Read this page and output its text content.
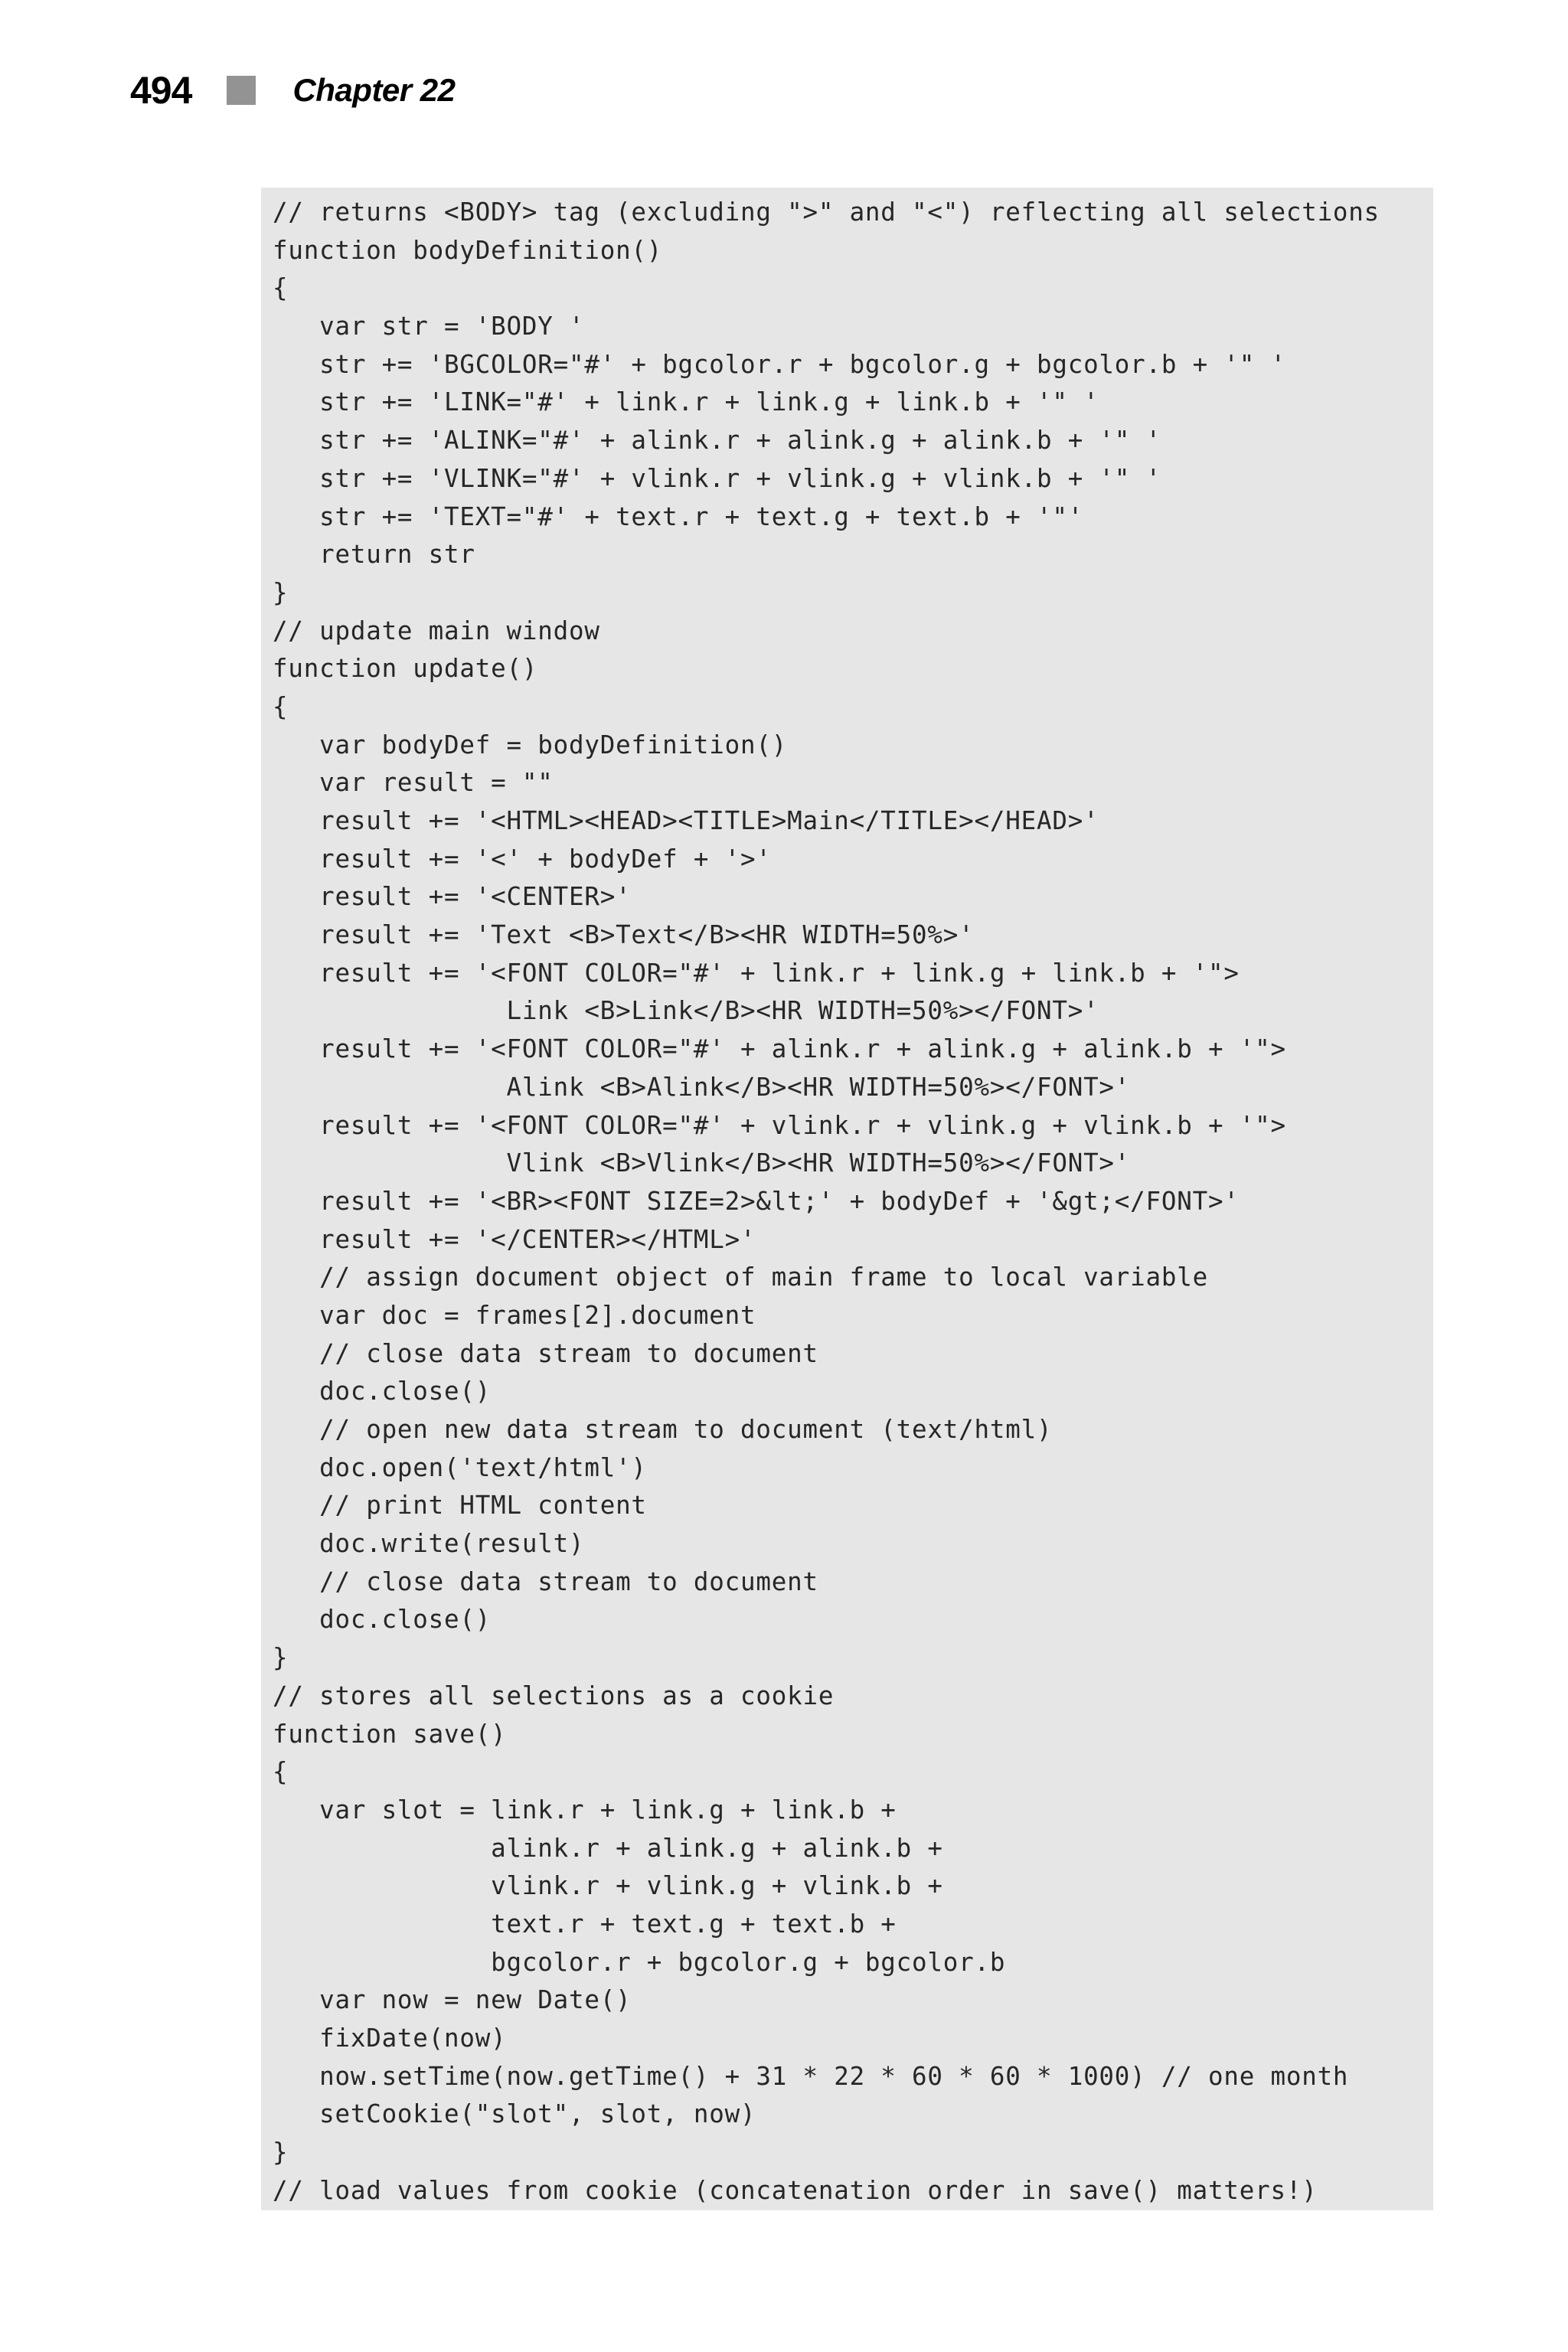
494	Chapter 22
// returns <BODY> tag (excluding ">" and "<") reflecting all selections
function bodyDefinition()
{
var str = 'BODY '
str += 'BGCOLOR="#' + bgcolor.r + bgcolor.g + bgcolor.b + '" '
str += 'LINK="#' + link.r + link.g + link.b + '" '
str += 'ALINK="#' + alink.r + alink.g + alink.b + '" '
str += 'VLINK="#' + vlink.r + vlink.g + vlink.b + '" '
str += 'TEXT="#' + text.r + text.g + text.b + '"'
return str
}
// update main window
function update()
{
var bodyDef = bodyDefinition()
var result = ""
result += '<HTML><HEAD><TITLE>Main</TITLE></HEAD>'
result += '<' + bodyDef + '>'
result += '<CENTER>'
result += 'Text <B>Text</B><HR WIDTH=50%>'
result += '<FONT COLOR="#' + link.r + link.g + link.b + '">
Link <B>Link</B><HR WIDTH=50%></FONT>'
result += '<FONT COLOR="#' + alink.r + alink.g + alink.b + '">
Alink <B>Alink</B><HR WIDTH=50%></FONT>'
result += '<FONT COLOR="#' + vlink.r + vlink.g + vlink.b + '">
Vlink <B>Vlink</B><HR WIDTH=50%></FONT>'
result += '<BR><FONT SIZE=2>&lt;' + bodyDef + '&gt;</FONT>'
result += '</CENTER></HTML>'
// assign document object of main frame to local variable
var doc = frames[2].document
// close data stream to document
doc.close()
// open new data stream to document (text/html)
doc.open('text/html')
// print HTML content
doc.write(result)
// close data stream to document
doc.close()
}
// stores all selections as a cookie
function save()
{
var slot = link.r + link.g + link.b +
alink.r + alink.g + alink.b +
vlink.r + vlink.g + vlink.b +
text.r + text.g + text.b +
bgcolor.r + bgcolor.g + bgcolor.b
var now = new Date()
fixDate(now)
now.setTime(now.getTime() + 31 * 22 * 60 * 60 * 1000) // one month
setCookie("slot", slot, now)
}
// load values from cookie (concatenation order in save() matters!)
